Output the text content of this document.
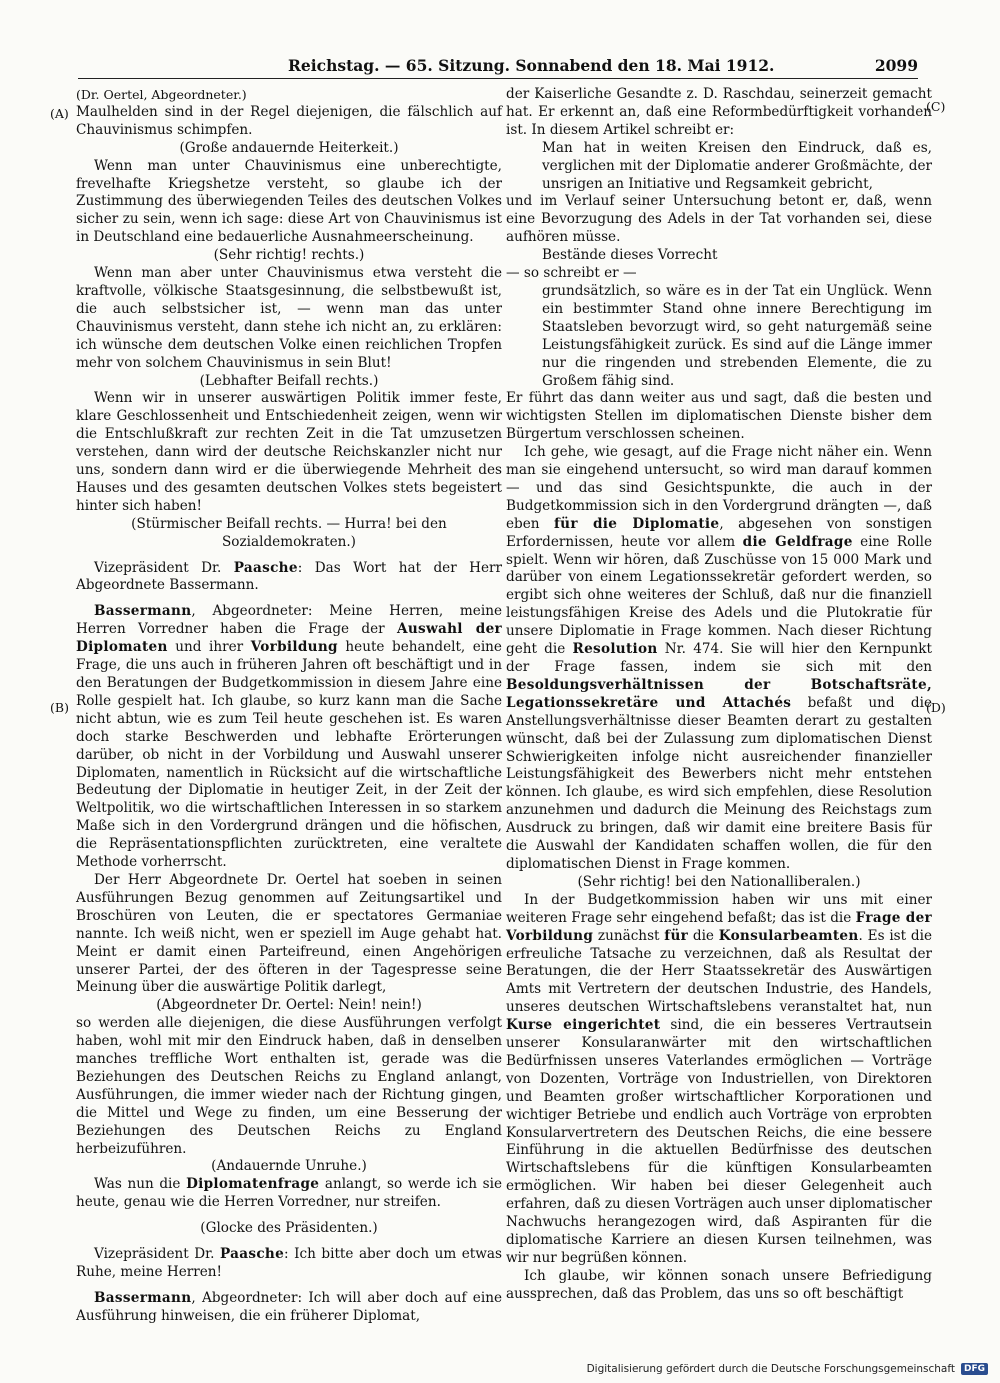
Reichstag. — 65. Sitzung. Sonnabend den 18. Mai 1912.	2099
(A)
(B)
(C)
(D)

(Dr. Oertel, Abgeordneter.)

Maulhelden sind in der Regel diejenigen, die fälschlich auf Chauvinismus schimpfen.

(Große andauernde Heiterkeit.)

Wenn man unter Chauvinismus eine unberechtigte, frevelhafte Kriegshetze versteht, so glaube ich der Zustimmung des überwiegenden Teiles des deutschen Volkes sicher zu sein, wenn ich sage: diese Art von Chauvinismus ist in Deutschland eine bedauerliche Ausnahmeerscheinung.

(Sehr richtig! rechts.)

Wenn man aber unter Chauvinismus etwa versteht die kraftvolle, völkische Staatsgesinnung, die selbstbewußt ist, die auch selbstsicher ist, — wenn man das unter Chauvinismus versteht, dann stehe ich nicht an, zu erklären: ich wünsche dem deutschen Volke einen reichlichen Tropfen mehr von solchem Chauvinismus in sein Blut!

(Lebhafter Beifall rechts.)

Wenn wir in unserer auswärtigen Politik immer feste, klare Geschlossenheit und Entschiedenheit zeigen, wenn wir die Entschlußkraft zur rechten Zeit in die Tat umzusetzen verstehen, dann wird der deutsche Reichskanzler nicht nur uns, sondern dann wird er die überwiegende Mehrheit des Hauses und des gesamten deutschen Volkes stets begeistert hinter sich haben!

(Stürmischer Beifall rechts. — Hurra! bei den Sozialdemokraten.)

Vizepräsident Dr. Paasche: Das Wort hat der Herr Abgeordnete Bassermann.

Bassermann, Abgeordneter: Meine Herren, meine Herren Vorredner haben die Frage der Auswahl der Diplomaten und ihrer Vorbildung heute behandelt, eine Frage, die uns auch in früheren Jahren oft beschäftigt und in den Beratungen der Budgetkommission in diesem Jahre eine Rolle gespielt hat. Ich glaube, so kurz kann man die Sache nicht abtun, wie es zum Teil heute geschehen ist. Es waren doch starke Beschwerden und lebhafte Erörterungen darüber, ob nicht in der Vorbildung und Auswahl unserer Diplomaten, namentlich in Rücksicht auf die wirtschaftliche Bedeutung der Diplomatie in heutiger Zeit, in der Zeit der Weltpolitik, wo die wirtschaftlichen Interessen in so starkem Maße sich in den Vordergrund drängen und die höfischen, die Repräsentationspflichten zurücktreten, eine veraltete Methode vorherrscht.

Der Herr Abgeordnete Dr. Oertel hat soeben in seinen Ausführungen Bezug genommen auf Zeitungsartikel und Broschüren von Leuten, die er spectatores Germaniae nannte. Ich weiß nicht, wen er speziell im Auge gehabt hat. Meint er damit einen Parteifreund, einen Angehörigen unserer Partei, der des öfteren in der Tagespresse seine Meinung über die auswärtige Politik darlegt,

(Abgeordneter Dr. Oertel: Nein! nein!)

so werden alle diejenigen, die diese Ausführungen verfolgt haben, wohl mit mir den Eindruck haben, daß in denselben manches treffliche Wort enthalten ist, gerade was die Beziehungen des Deutschen Reichs zu England anlangt, Ausführungen, die immer wieder nach der Richtung gingen, die Mittel und Wege zu finden, um eine Besserung der Beziehungen des Deutschen Reichs zu England herbeizuführen.

(Andauernde Unruhe.)

Was nun die Diplomatenfrage anlangt, so werde ich sie heute, genau wie die Herren Vorredner, nur streifen.

(Glocke des Präsidenten.)

Vizepräsident Dr. Paasche: Ich bitte aber doch um etwas Ruhe, meine Herren!

Bassermann, Abgeordneter: Ich will aber doch auf eine Ausführung hinweisen, die ein früherer Diplomat,

der Kaiserliche Gesandte z. D. Raschdau, seinerzeit gemacht hat. Er erkennt an, daß eine Reformbedürftigkeit vorhanden ist. In diesem Artikel schreibt er:

Man hat in weiten Kreisen den Eindruck, daß es, verglichen mit der Diplomatie anderer Großmächte, der unsrigen an Initiative und Regsamkeit gebricht,

und im Verlauf seiner Untersuchung betont er, daß, wenn eine Bevorzugung des Adels in der Tat vorhanden sei, diese aufhören müsse.

Bestände dieses Vorrecht

— so schreibt er —

grundsätzlich, so wäre es in der Tat ein Unglück. Wenn ein bestimmter Stand ohne innere Berechtigung im Staatsleben bevorzugt wird, so geht naturgemäß seine Leistungsfähigkeit zurück. Es sind auf die Länge immer nur die ringenden und strebenden Elemente, die zu Großem fähig sind.

Er führt das dann weiter aus und sagt, daß die besten und wichtigsten Stellen im diplomatischen Dienste bisher dem Bürgertum verschlossen scheinen.

Ich gehe, wie gesagt, auf die Frage nicht näher ein. Wenn man sie eingehend untersucht, so wird man darauf kommen — und das sind Gesichtspunkte, die auch in der Budgetkommission sich in den Vordergrund drängten —, daß eben für die Diplomatie, abgesehen von sonstigen Erfordernissen, heute vor allem die Geldfrage eine Rolle spielt. Wenn wir hören, daß Zuschüsse von 15 000 Mark und darüber von einem Legationssekretär gefordert werden, so ergibt sich ohne weiteres der Schluß, daß nur die finanziell leistungsfähigen Kreise des Adels und die Plutokratie für unsere Diplomatie in Frage kommen. Nach dieser Richtung geht die Resolution Nr. 474. Sie will hier den Kernpunkt der Frage fassen, indem sie sich mit den Besoldungsverhältnissen der Botschaftsräte, Legationssekretäre und Attachés befaßt und die Anstellungsverhältnisse dieser Beamten derart zu gestalten wünscht, daß bei der Zulassung zum diplomatischen Dienst Schwierigkeiten infolge nicht ausreichender finanzieller Leistungsfähigkeit des Bewerbers nicht mehr entstehen können. Ich glaube, es wird sich empfehlen, diese Resolution anzunehmen und dadurch die Meinung des Reichstags zum Ausdruck zu bringen, daß wir damit eine breitere Basis für die Auswahl der Kandidaten schaffen wollen, die für den diplomatischen Dienst in Frage kommen.

(Sehr richtig! bei den Nationalliberalen.)

In der Budgetkommission haben wir uns mit einer weiteren Frage sehr eingehend befaßt; das ist die Frage der Vorbildung zunächst für die Konsularbeamten. Es ist die erfreuliche Tatsache zu verzeichnen, daß als Resultat der Beratungen, die der Herr Staatssekretär des Auswärtigen Amts mit Vertretern der deutschen Industrie, des Handels, unseres deutschen Wirtschaftslebens veranstaltet hat, nun Kurse eingerichtet sind, die ein besseres Vertrautsein unserer Konsularanwärter mit den wirtschaftlichen Bedürfnissen unseres Vaterlandes ermöglichen — Vorträge von Dozenten, Vorträge von Industriellen, von Direktoren und Beamten großer wirtschaftlicher Korporationen und wichtiger Betriebe und endlich auch Vorträge von erprobten Konsularvertretern des Deutschen Reichs, die eine bessere Einführung in die aktuellen Bedürfnisse des deutschen Wirtschaftslebens für die künftigen Konsularbeamten ermöglichen. Wir haben bei dieser Gelegenheit auch erfahren, daß zu diesen Vorträgen auch unser diplomatischer Nachwuchs herangezogen wird, daß Aspiranten für die diplomatische Karriere an diesen Kursen teilnehmen, was wir nur begrüßen können.

Ich glaube, wir können sonach unsere Befriedigung aussprechen, daß das Problem, das uns so oft beschäftigt

Digitalisierung gefördert durch die Deutsche Forschungsgemeinschaft	DFG
